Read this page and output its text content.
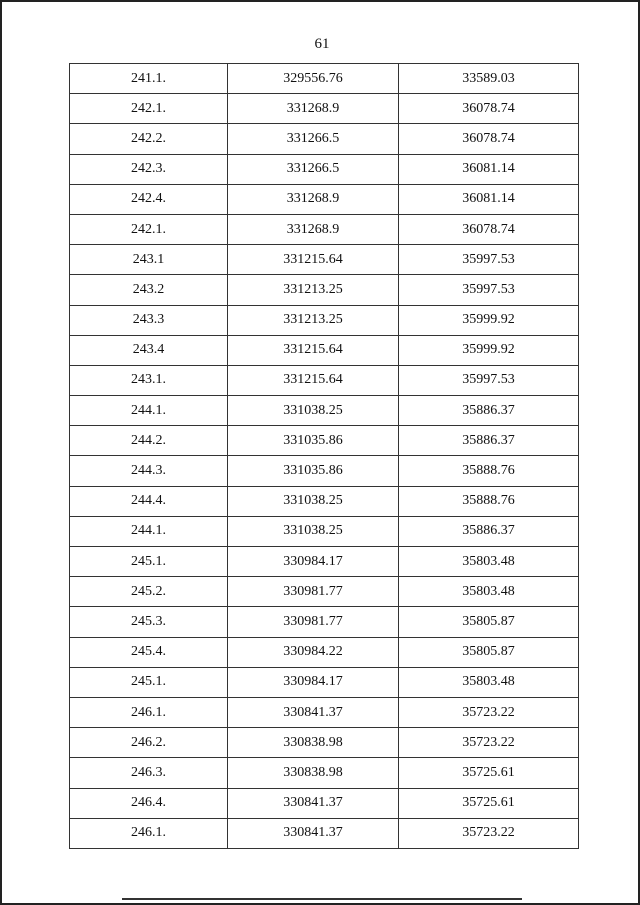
61
241.1.	329556.76	33589.03
242.1.	331268.9	36078.74
242.2.	331266.5	36078.74
242.3.	331266.5	36081.14
242.4.	331268.9	36081.14
242.1.	331268.9	36078.74
243.1	331215.64	35997.53
243.2	331213.25	35997.53
243.3	331213.25	35999.92
243.4	331215.64	35999.92
243.1.	331215.64	35997.53
244.1.	331038.25	35886.37
244.2.	331035.86	35886.37
244.3.	331035.86	35888.76
244.4.	331038.25	35888.76
244.1.	331038.25	35886.37
245.1.	330984.17	35803.48
245.2.	330981.77	35803.48
245.3.	330981.77	35805.87
245.4.	330984.22	35805.87
245.1.	330984.17	35803.48
246.1.	330841.37	35723.22
246.2.	330838.98	35723.22
246.3.	330838.98	35725.61
246.4.	330841.37	35725.61
246.1.	330841.37	35723.22
